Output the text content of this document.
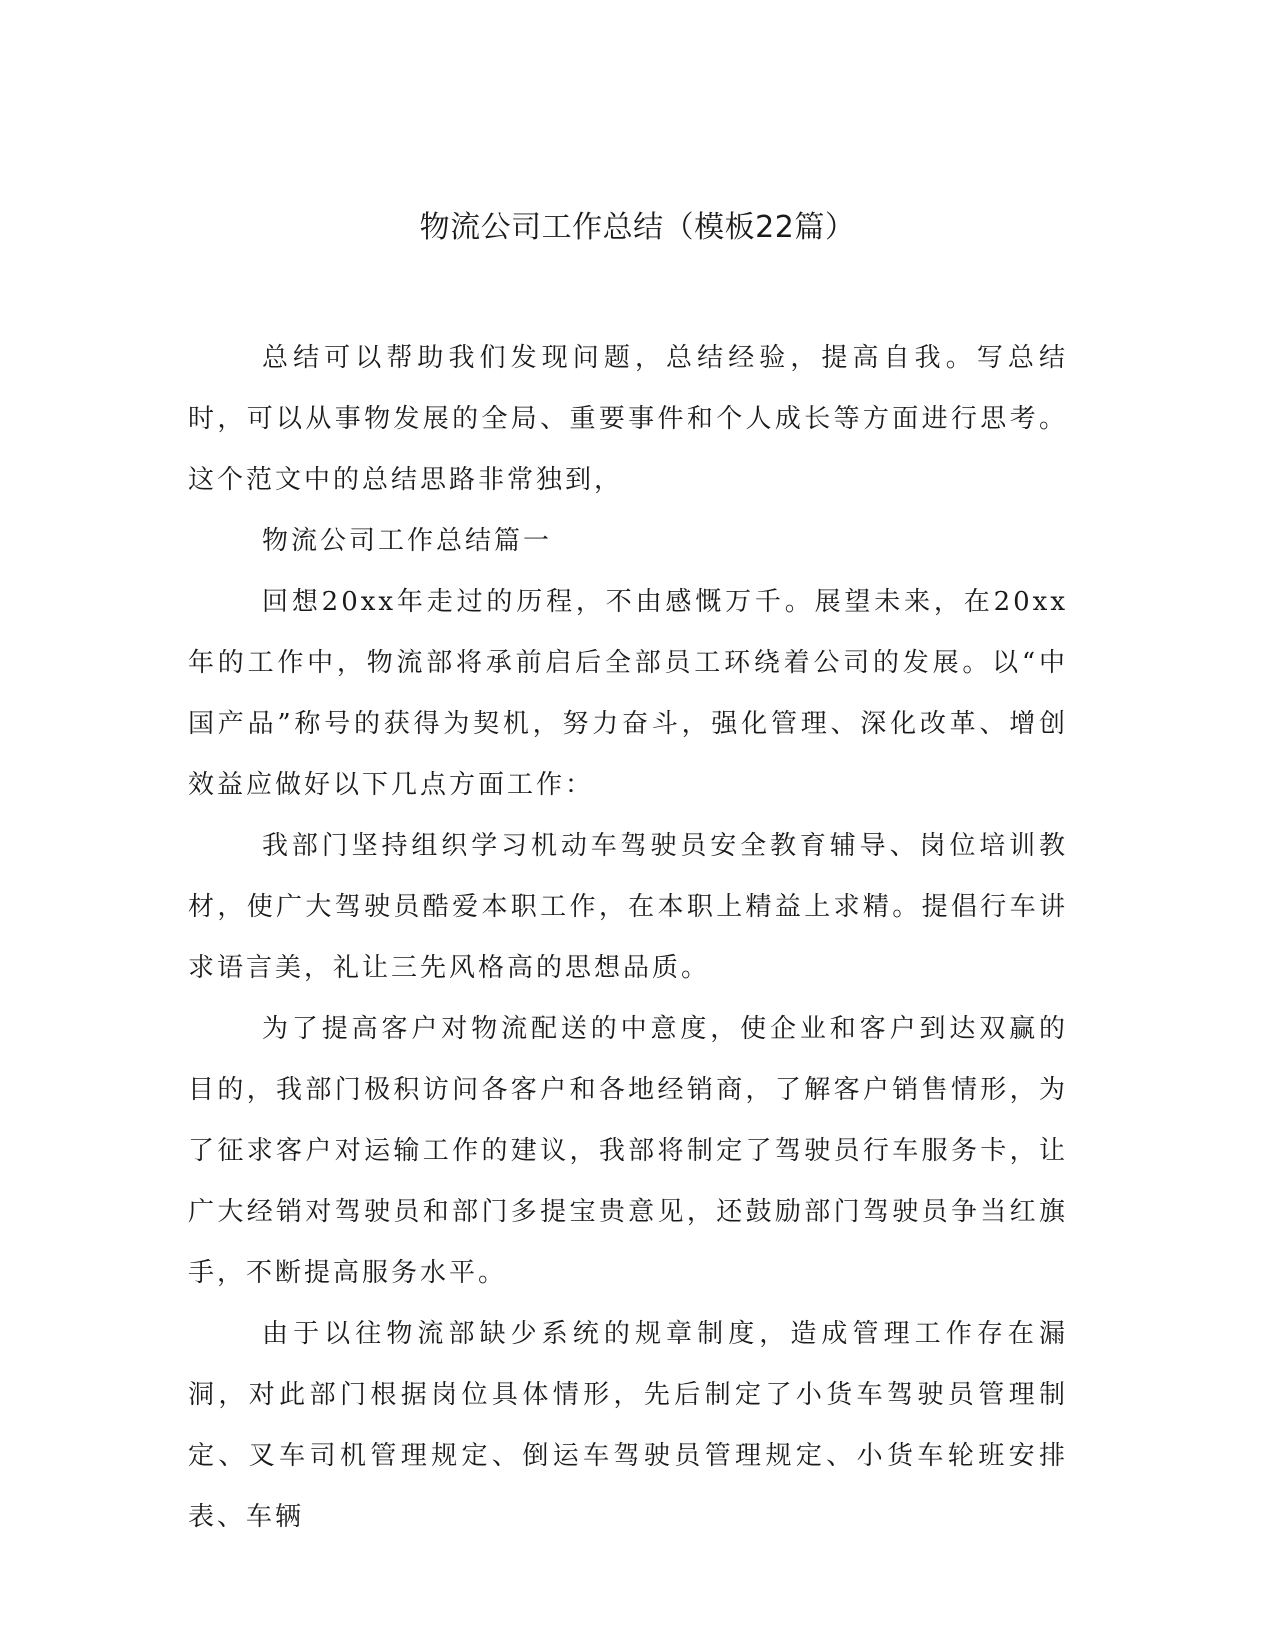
物流公司工作总结（模板22篇）

总结可以帮助我们发现问题，总结经验，提高自我。写总结时，可以从事物发展的全局、重要事件和个人成长等方面进行思考。这个范文中的总结思路非常独到，

物流公司工作总结篇一

回想20xx年走过的历程，不由感慨万千。展望未来，在20xx年的工作中，物流部将承前启后全部员工环绕着公司的发展。以“中国产品”称号的获得为契机，努力奋斗，强化管理、深化改革、增创效益应做好以下几点方面工作：

我部门坚持组织学习机动车驾驶员安全教育辅导、岗位培训教材，使广大驾驶员酷爱本职工作，在本职上精益上求精。提倡行车讲求语言美，礼让三先风格高的思想品质。

为了提高客户对物流配送的中意度，使企业和客户到达双赢的目的，我部门极积访问各客户和各地经销商，了解客户销售情形，为了征求客户对运输工作的建议，我部将制定了驾驶员行车服务卡，让广大经销对驾驶员和部门多提宝贵意见，还鼓励部门驾驶员争当红旗手，不断提高服务水平。

由于以往物流部缺少系统的规章制度，造成管理工作存在漏洞，对此部门根据岗位具体情形，先后制定了小货车驾驶员管理制定、叉车司机管理规定、倒运车驾驶员管理规定、小货车轮班安排表、车辆
